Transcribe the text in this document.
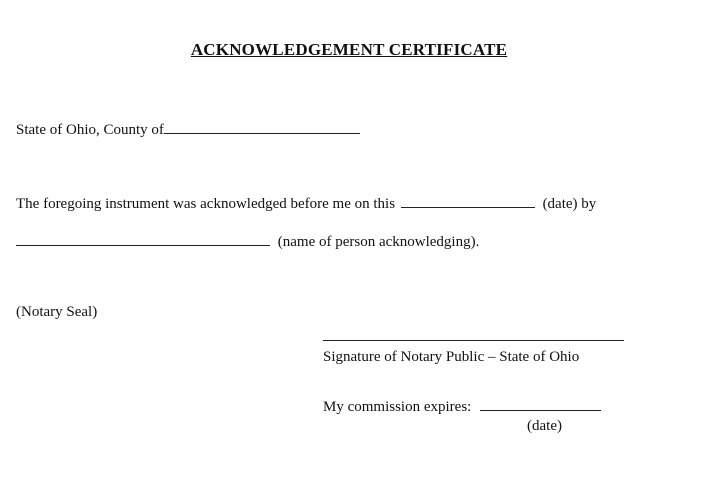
ACKNOWLEDGEMENT CERTIFICATE
State of Ohio, County of
The foregoing instrument was acknowledged before me on this	(date) by
(name of person acknowledging).
(Notary Seal)
Signature of Notary Public – State of Ohio
My commission expires:
(date)
